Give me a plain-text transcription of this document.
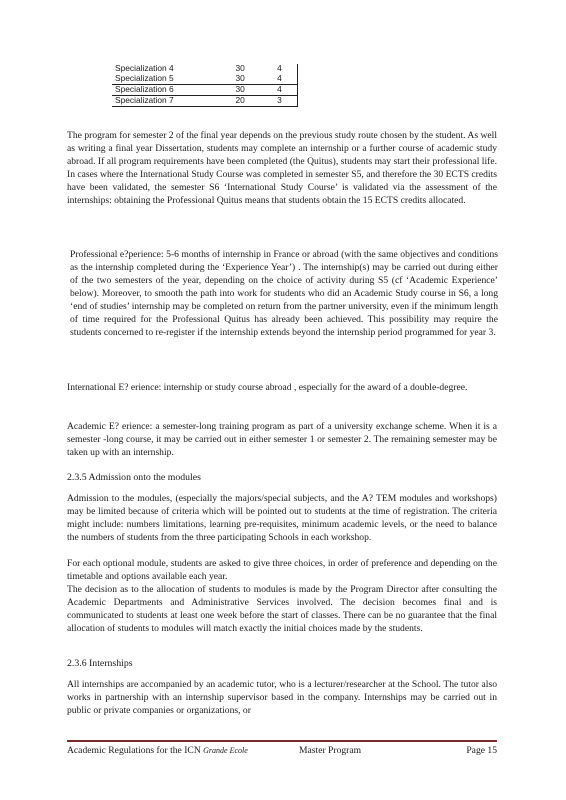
Specialization 4	30	4
Specialization 5	30	4
Specialization 6	30	4
Specialization 7	20	3

The program for semester 2 of the final year depends on the previous study route chosen by the student. As well as writing a final year Dissertation, students may complete an internship or a further course of academic study abroad. If all program requirements have been completed (the Quitus), students may start their professional life. In cases where the International Study Course was completed in semester S5, and therefore the 30 ECTS credits have been validated, the semester S6 ‘International Study Course’ is validated via the assessment of the internships: obtaining the Professional Quitus means that students obtain the 15 ECTS credits allocated.

Professional e?perience: 5-6 months of internship in France or abroad (with the same objectives and conditions as the internship completed during the ‘Experience Year’) . The internship(s) may be carried out during either of the two semesters of the year, depending on the choice of activity during S5 (cf ‘Academic Experience’ below). Moreover, to smooth the path into work for students who did an Academic Study course in S6, a long ‘end of studies’ internship may be completed on return from the partner university, even if the minimum length of time required for the Professional Quitus has already been achieved. This possibility may require the students concerned to re-register if the internship extends beyond the internship period programmed for year 3.

International E? erience: internship or study course abroad , especially for the award of a double-degree.

Academic E? erience: a semester-long training program as part of a university exchange scheme. When it is a semester -long course, it may be carried out in either semester 1 or semester 2. The remaining semester may be taken up with an internship.

2.3.5 Admission onto the modules

Admission to the modules, (especially the majors/special subjects, and the A? TEM modules and workshops) may be limited because of criteria which will be pointed out to students at the time of registration. The criteria might include: numbers limitations, learning pre-requisites, minimum academic levels, or the need to balance the numbers of students from the three participating Schools in each workshop.

For each optional module, students are asked to give three choices, in order of preference and depending on the timetable and options available each year.

The decision as to the allocation of students to modules is made by the Program Director after consulting the Academic Departments and Administrative Services involved. The decision becomes final and is communicated to students at least one week before the start of classes. There can be no guarantee that the final allocation of students to modules will match exactly the initial choices made by the students.

2.3.6 Internships

All internships are accompanied by an academic tutor, who is a lecturer/researcher at the School. The tutor also works in partnership with an internship supervisor based in the company. Internships may be carried out in public or private companies or organizations, or

Academic Regulations for the ICN Grande Ecole	Master Program	Page 15
